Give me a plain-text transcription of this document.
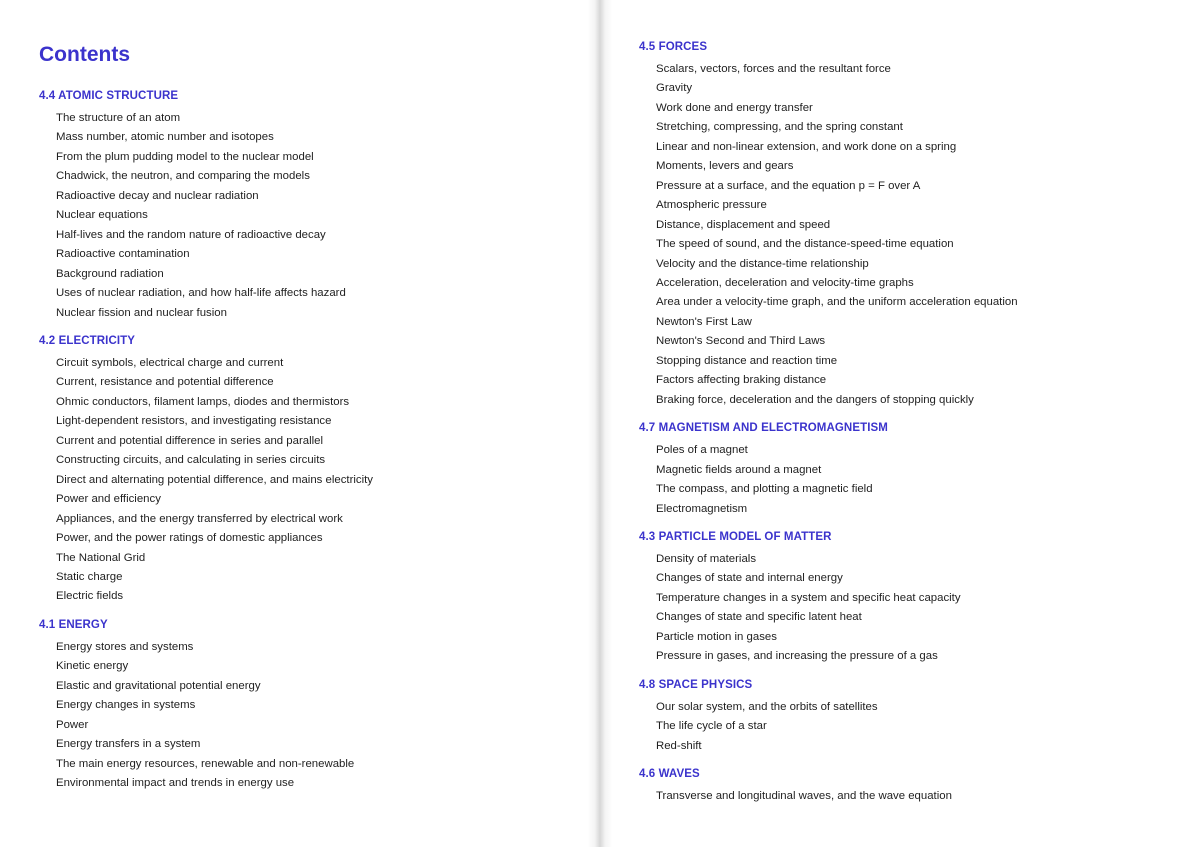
Contents
4.4 ATOMIC STRUCTURE
The structure of an atom
Mass number, atomic number and isotopes
From the plum pudding model to the nuclear model
Chadwick, the neutron, and comparing the models
Radioactive decay and nuclear radiation
Nuclear equations
Half-lives and the random nature of radioactive decay
Radioactive contamination
Background radiation
Uses of nuclear radiation, and how half-life affects hazard
Nuclear fission and nuclear fusion
4.2 ELECTRICITY
Circuit symbols, electrical charge and current
Current, resistance and potential difference
Ohmic conductors, filament lamps, diodes and thermistors
Light-dependent resistors, and investigating resistance
Current and potential difference in series and parallel
Constructing circuits, and calculating in series circuits
Direct and alternating potential difference, and mains electricity
Power and efficiency
Appliances, and the energy transferred by electrical work
Power, and the power ratings of domestic appliances
The National Grid
Static charge
Electric fields
4.1 ENERGY
Energy stores and systems
Kinetic energy
Elastic and gravitational potential energy
Energy changes in systems
Power
Energy transfers in a system
The main energy resources, renewable and non-renewable
Environmental impact and trends in energy use
4.5 FORCES
Scalars, vectors, forces and the resultant force
Gravity
Work done and energy transfer
Stretching, compressing, and the spring constant
Linear and non-linear extension, and work done on a spring
Moments, levers and gears
Pressure at a surface, and the equation p = F over A
Atmospheric pressure
Distance, displacement and speed
The speed of sound, and the distance-speed-time equation
Velocity and the distance-time relationship
Acceleration, deceleration and velocity-time graphs
Area under a velocity-time graph, and the uniform acceleration equation
Newton's First Law
Newton's Second and Third Laws
Stopping distance and reaction time
Factors affecting braking distance
Braking force, deceleration and the dangers of stopping quickly
4.7 MAGNETISM AND ELECTROMAGNETISM
Poles of a magnet
Magnetic fields around a magnet
The compass, and plotting a magnetic field
Electromagnetism
4.3 PARTICLE MODEL OF MATTER
Density of materials
Changes of state and internal energy
Temperature changes in a system and specific heat capacity
Changes of state and specific latent heat
Particle motion in gases
Pressure in gases, and increasing the pressure of a gas
4.8 SPACE PHYSICS
Our solar system, and the orbits of satellites
The life cycle of a star
Red-shift
4.6 WAVES
Transverse and longitudinal waves, and the wave equation
